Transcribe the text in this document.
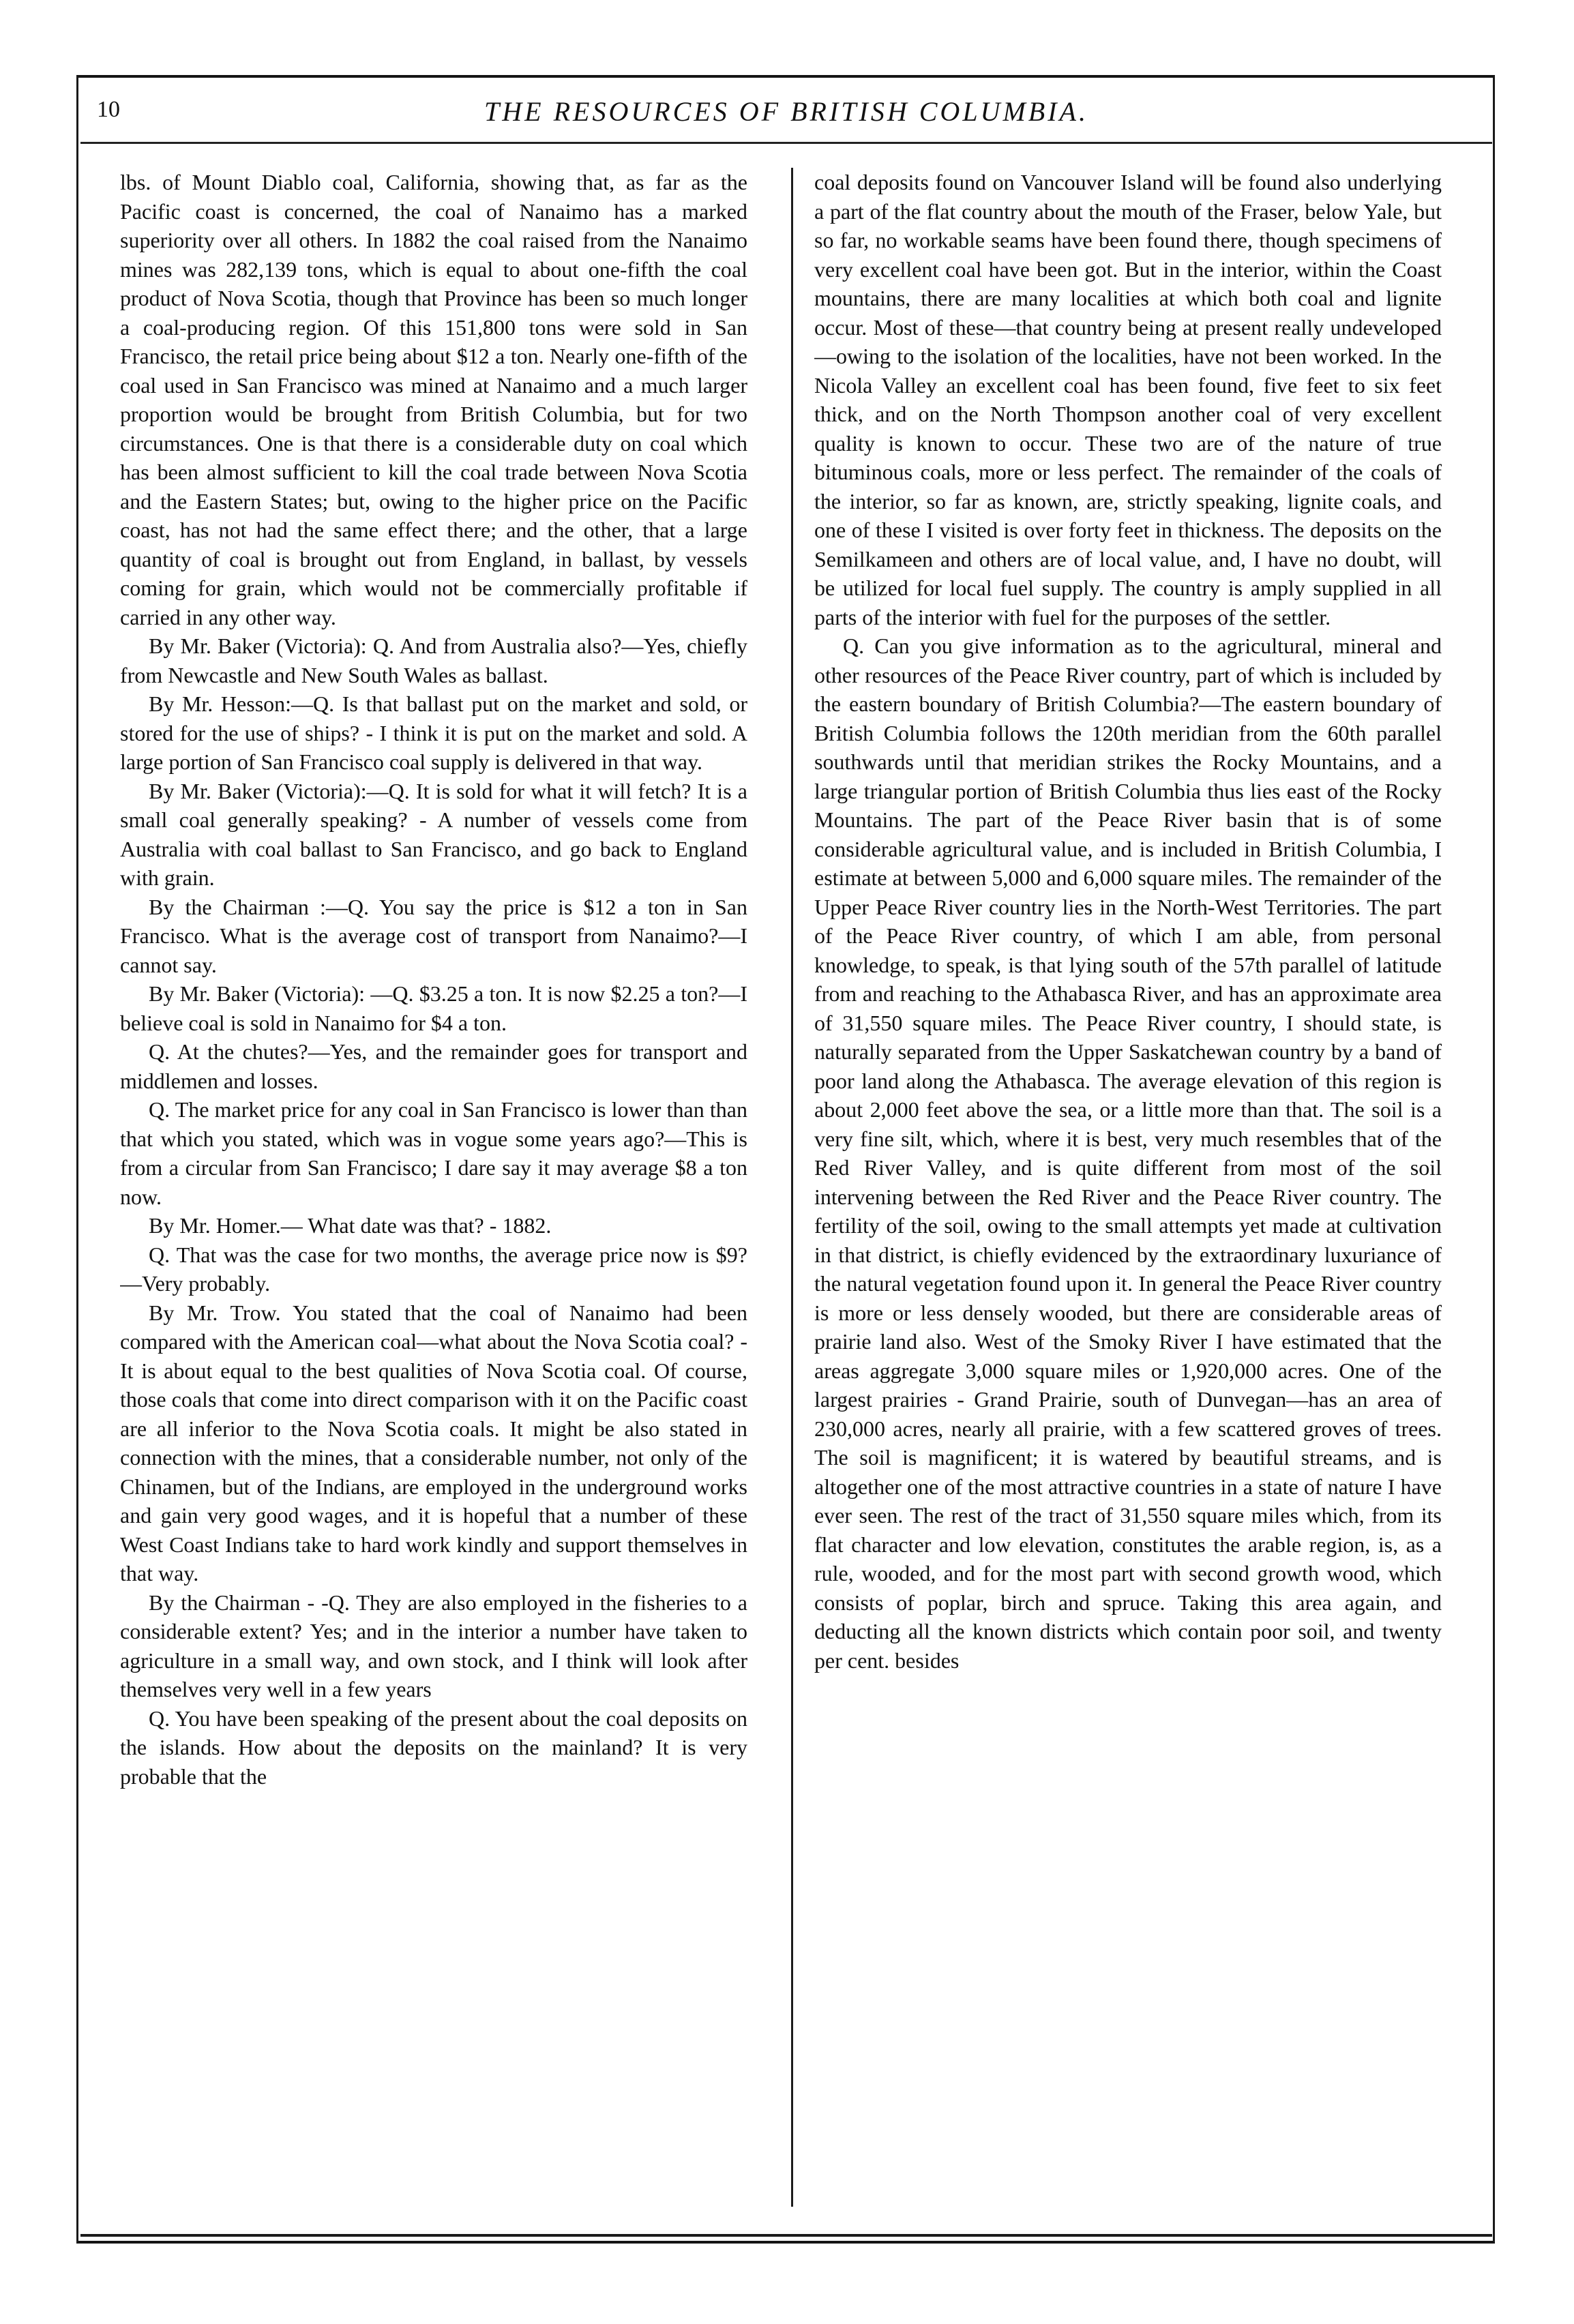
10	THE RESOURCES OF BRITISH COLUMBIA.

lbs. of Mount Diablo coal, California, showing that, as far as the Pacific coast is concerned, the coal of Nanaimo has a marked superiority over all others. In 1882 the coal raised from the Nanaimo mines was 282,139 tons, which is equal to about one-fifth the coal product of Nova Scotia, though that Province has been so much longer a coal-producing region. Of this 151,800 tons were sold in San Francisco, the retail price being about $12 a ton. Nearly one-fifth of the coal used in San Francisco was mined at Nanaimo and a much larger proportion would be brought from British Columbia, but for two circumstances. One is that there is a considerable duty on coal which has been almost sufficient to kill the coal trade between Nova Scotia and the Eastern States; but, owing to the higher price on the Pacific coast, has not had the same effect there; and the other, that a large quantity of coal is brought out from England, in ballast, by vessels coming for grain, which would not be commercially profitable if carried in any other way.

By Mr. Baker (Victoria): Q. And from Australia also?—Yes, chiefly from Newcastle and New South Wales as ballast.

By Mr. Hesson:—Q. Is that ballast put on the market and sold, or stored for the use of ships? - I think it is put on the market and sold. A large portion of San Francisco coal supply is delivered in that way.

By Mr. Baker (Victoria):—Q. It is sold for what it will fetch? It is a small coal generally speaking? - A number of vessels come from Australia with coal ballast to San Francisco, and go back to England with grain.

By the Chairman :—Q. You say the price is $12 a ton in San Francisco. What is the average cost of transport from Nanaimo?—I cannot say.

By Mr. Baker (Victoria): —Q. $3.25 a ton. It is now $2.25 a ton?—I believe coal is sold in Nanaimo for $4 a ton.

Q. At the chutes?—Yes, and the remainder goes for transport and middlemen and losses.

Q. The market price for any coal in San Francisco is lower than than that which you stated, which was in vogue some years ago?—This is from a circular from San Francisco; I dare say it may average $8 a ton now.

By Mr. Homer.— What date was that? - 1882.

Q. That was the case for two months, the average price now is $9?—Very probably.

By Mr. Trow. You stated that the coal of Nanaimo had been compared with the American coal—what about the Nova Scotia coal? - It is about equal to the best qualities of Nova Scotia coal. Of course, those coals that come into direct comparison with it on the Pacific coast are all inferior to the Nova Scotia coals. It might be also stated in connection with the mines, that a considerable number, not only of the Chinamen, but of the Indians, are employed in the underground works and gain very good wages, and it is hopeful that a number of these West Coast Indians take to hard work kindly and support themselves in that way.

By the Chairman - -Q. They are also employed in the fisheries to a considerable extent? Yes; and in the interior a number have taken to agriculture in a small way, and own stock, and I think will look after themselves very well in a few years

Q. You have been speaking of the present about the coal deposits on the islands. How about the deposits on the mainland? It is very probable that the

coal deposits found on Vancouver Island will be found also underlying a part of the flat country about the mouth of the Fraser, below Yale, but so far, no workable seams have been found there, though specimens of very excellent coal have been got. But in the interior, within the Coast mountains, there are many localities at which both coal and lignite occur. Most of these—that country being at present really undeveloped—owing to the isolation of the localities, have not been worked. In the Nicola Valley an excellent coal has been found, five feet to six feet thick, and on the North Thompson another coal of very excellent quality is known to occur. These two are of the nature of true bituminous coals, more or less perfect. The remainder of the coals of the interior, so far as known, are, strictly speaking, lignite coals, and one of these I visited is over forty feet in thickness. The deposits on the Semilkameen and others are of local value, and, I have no doubt, will be utilized for local fuel supply. The country is amply supplied in all parts of the interior with fuel for the purposes of the settler.

Q. Can you give information as to the agricultural, mineral and other resources of the Peace River country, part of which is included by the eastern boundary of British Columbia?—The eastern boundary of British Columbia follows the 120th meridian from the 60th parallel southwards until that meridian strikes the Rocky Mountains, and a large triangular portion of British Columbia thus lies east of the Rocky Mountains. The part of the Peace River basin that is of some considerable agricultural value, and is included in British Columbia, I estimate at between 5,000 and 6,000 square miles. The remainder of the Upper Peace River country lies in the North-West Territories. The part of the Peace River country, of which I am able, from personal knowledge, to speak, is that lying south of the 57th parallel of latitude from and reaching to the Athabasca River, and has an approximate area of 31,550 square miles. The Peace River country, I should state, is naturally separated from the Upper Saskatchewan country by a band of poor land along the Athabasca. The average elevation of this region is about 2,000 feet above the sea, or a little more than that. The soil is a very fine silt, which, where it is best, very much resembles that of the Red River Valley, and is quite different from most of the soil intervening between the Red River and the Peace River country. The fertility of the soil, owing to the small attempts yet made at cultivation in that district, is chiefly evidenced by the extraordinary luxuriance of the natural vegetation found upon it. In general the Peace River country is more or less densely wooded, but there are considerable areas of prairie land also. West of the Smoky River I have estimated that the areas aggregate 3,000 square miles or 1,920,000 acres. One of the largest prairies - Grand Prairie, south of Dunvegan—has an area of 230,000 acres, nearly all prairie, with a few scattered groves of trees. The soil is magnificent; it is watered by beautiful streams, and is altogether one of the most attractive countries in a state of nature I have ever seen. The rest of the tract of 31,550 square miles which, from its flat character and low elevation, constitutes the arable region, is, as a rule, wooded, and for the most part with second growth wood, which consists of poplar, birch and spruce. Taking this area again, and deducting all the known districts which contain poor soil, and twenty per cent. besides
